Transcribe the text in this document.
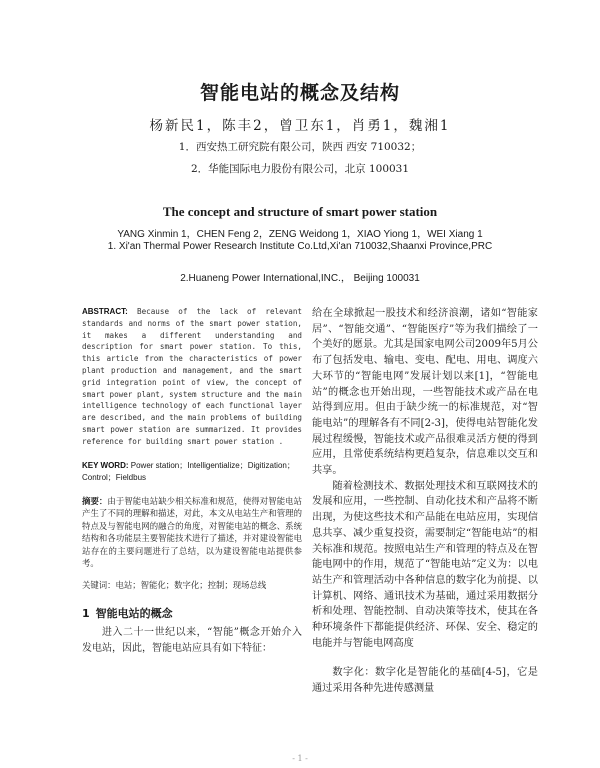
智能电站的概念及结构
杨新民1，陈丰2，曾卫东1，肖勇1，魏湘1
1．西安热工研究院有限公司，陕西 西安 710032；
2．华能国际电力股份有限公司，北京 100031
The concept and structure of smart power station
YANG Xinmin 1，CHEN Feng 2，ZENG Weidong 1，XIAO Yiong 1，WEI Xiang 1
1. Xi'an Thermal Power Research Institute Co.Ltd,Xi'an 710032,Shaanxi Province,PRC
2.Huaneng Power International,INC.， Beijing 100031

ABSTRACT: Because of the lack of relevant standards and norms of the smart power station, it makes a different understanding and description for smart power station. To this, this article from the characteristics of power plant production and management, and the smart grid integration point of view, the concept of smart power plant, system structure and the main intelligence technology of each functional layer are described, and the main problems of building smart power station are summarized. It provides reference for building smart power station .

KEY WORD: Power station；Intelligentialize；Digitization；Control；Fieldbus

摘要：由于智能电站缺少相关标准和规范，使得对智能电站产生了不同的理解和描述，对此，本文从电站生产和管理的特点及与智能电网的融合的角度，对智能电站的概念、系统结构和各功能层主要智能技术进行了描述，并对建设智能电站存在的主要问题进行了总结，以为建设智能电站提供参考。

关键词：电站；智能化；数字化；控制；现场总线

1 智能电站的概念

进入二十一世纪以来，“智能”概念开始介入发电站，因此，智能电站应具有如下特征：

给在全球掀起一股技术和经济浪潮，诸如“智能家居”、“智能交通”、“智能医疗”等为我们描绘了一个美好的愿景。尤其是国家电网公司2009年5月公布了包括发电、输电、变电、配电、用电、调度六大环节的“智能电网”发展计划以来[1]，“智能电站”的概念也开始出现，一些智能技术或产品在电站得到应用。但由于缺少统一的标准规范，对“智能电站”的理解各有不同[2-3]，使得电站智能化发展过程缓慢，智能技术或产品很难灵活方便的得到应用，且常使系统结构更趋复杂，信息难以交互和共享。

随着检测技术、数据处理技术和互联网技术的发展和应用，一些控制、自动化技术和产品将不断出现，为使这些技术和产品能在电站应用，实现信息共享、减少重复投资，需要制定“智能电站”的相关标准和规范。按照电站生产和管理的特点及在智能电网中的作用，规范了“智能电站”定义为：以电站生产和管理活动中各种信息的数字化为前提、以计算机、网络、通讯技术为基础，通过采用数据分析和处理、智能控制、自动决策等技术，使其在各种环境条件下都能提供经济、环保、安全、稳定的电能并与智能电网高度

数字化：数字化是智能化的基础[4-5]，它是通过采用各种先进传感测量

- 1 -
